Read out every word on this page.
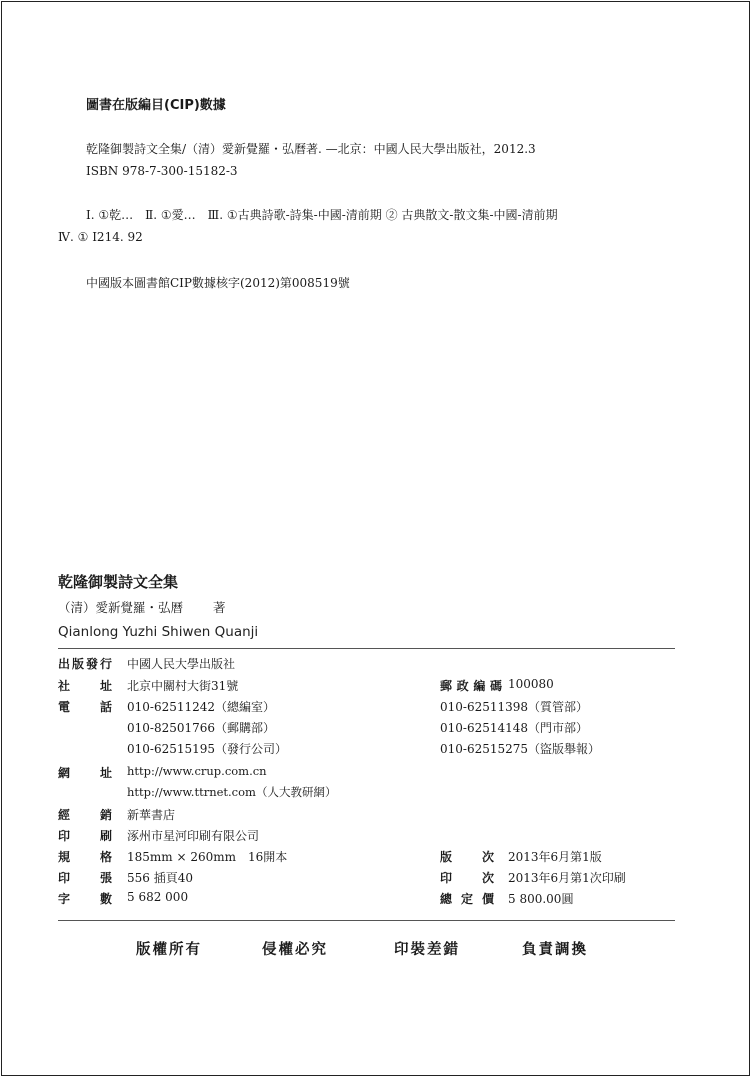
圖書在版編目(CIP)數據
乾隆御製詩文全集/（清）愛新覺羅・弘曆著. —北京：中國人民大學出版社，2012.3
ISBN 978-7-300-15182-3
Ⅰ. ①乾…　Ⅱ. ①愛…　Ⅲ. ①古典詩歌-詩集-中國-清前期 ② 古典散文-散文集-中國-清前期
Ⅳ. ① I214. 92
中國版本圖書館CIP數據核字(2012)第008519號
乾隆御製詩文全集
（清）愛新覺羅・弘曆 著
Qianlong Yuzhi Shiwen Quanji
出版發行 中國人民大學出版社
社　址 北京中關村大街31號	郵政編碼 100080
電　話 010-62511242（總編室）	010-62511398（質管部）
010-82501766（郵購部）	010-62514148（門市部）
010-62515195（發行公司）	010-62515275（盜版舉報）
網　址 http://www.crup.com.cn
http://www.ttrnet.com（人大教研網）
經　銷 新華書店
印　刷 涿州市星河印刷有限公司
規　格 185mm × 260mm　16開本	版　次 2013年6月第1版
印　張 556 插頁40	印　次 2013年6月第1次印刷
字　數 5 682 000	總 定 價 5 800.00圓
版權所有	侵權必究	印裝差錯	負責調換
